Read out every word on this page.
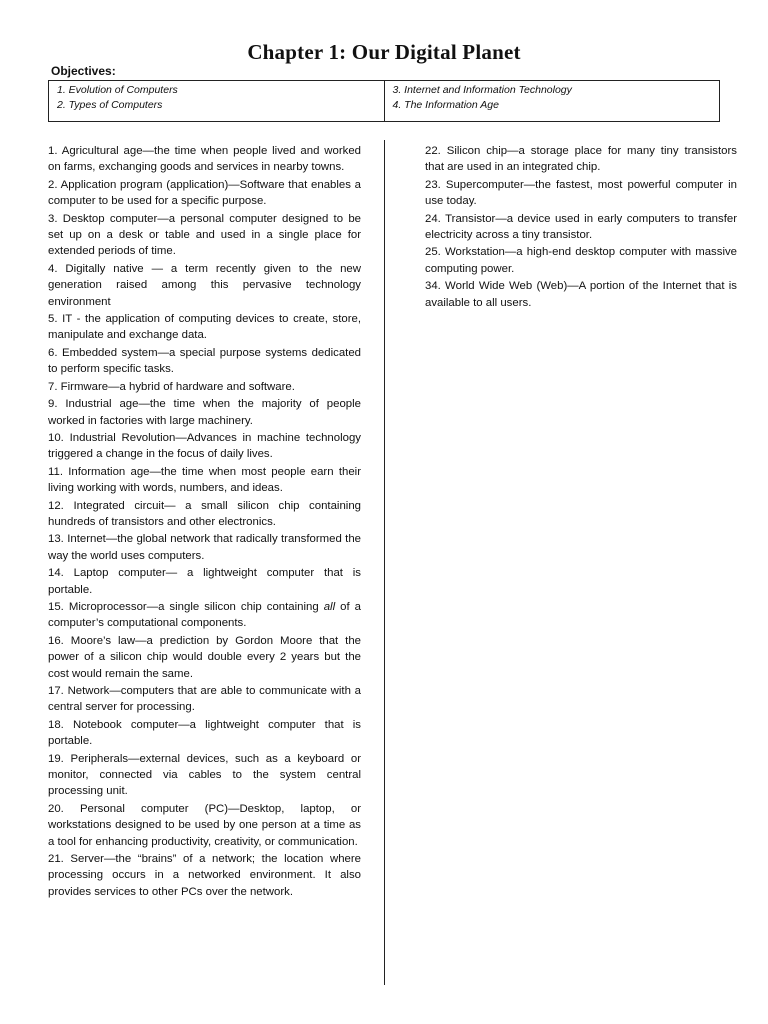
Chapter 1: Our Digital Planet
Objectives:
1. Evolution of Computers
2. Types of Computers
3. Internet and Information Technology
4. The Information Age

1. Agricultural age—the time when people lived and worked on farms, exchanging goods and services in nearby towns.

2. Application program (application)—Software that enables a computer to be used for a specific purpose.

3. Desktop computer—a personal computer designed to be set up on a desk or table and used in a single place for extended periods of time.

4. Digitally native — a term recently given to the new generation raised among this pervasive technology environment

5. IT - the application of computing devices to create, store, manipulate and exchange data.

6. Embedded system—a special purpose systems dedicated to perform specific tasks.

7. Firmware—a hybrid of hardware and software.

9. Industrial age—the time when the majority of people worked in factories with large machinery.

10. Industrial Revolution—Advances in machine technology triggered a change in the focus of daily lives.

11. Information age—the time when most people earn their living working with words, numbers, and ideas.

12. Integrated circuit— a small silicon chip containing hundreds of transistors and other electronics.

13. Internet—the global network that radically transformed the way the world uses computers.

14. Laptop computer— a lightweight computer that is portable.

15. Microprocessor—a single silicon chip containing all of a computer’s computational components.

16. Moore’s law—a prediction by Gordon Moore that the power of a silicon chip would double every 2 years but the cost would remain the same.

17. Network—computers that are able to communicate with a central server for processing.

18. Notebook computer—a lightweight computer that is portable.

19. Peripherals—external devices, such as a keyboard or monitor, connected via cables to the system central processing unit.

20. Personal computer (PC)—Desktop, laptop, or workstations designed to be used by one person at a time as a tool for enhancing productivity, creativity, or communication.

21. Server—the “brains” of a network; the location where processing occurs in a networked environment. It also provides services to other PCs over the network.

22. Silicon chip—a storage place for many tiny transistors that are used in an integrated chip.

23. Supercomputer—the fastest, most powerful computer in use today.

24. Transistor—a device used in early computers to transfer electricity across a tiny transistor.

25. Workstation—a high-end desktop computer with massive computing power.

34. World Wide Web (Web)—A portion of the Internet that is available to all users.
